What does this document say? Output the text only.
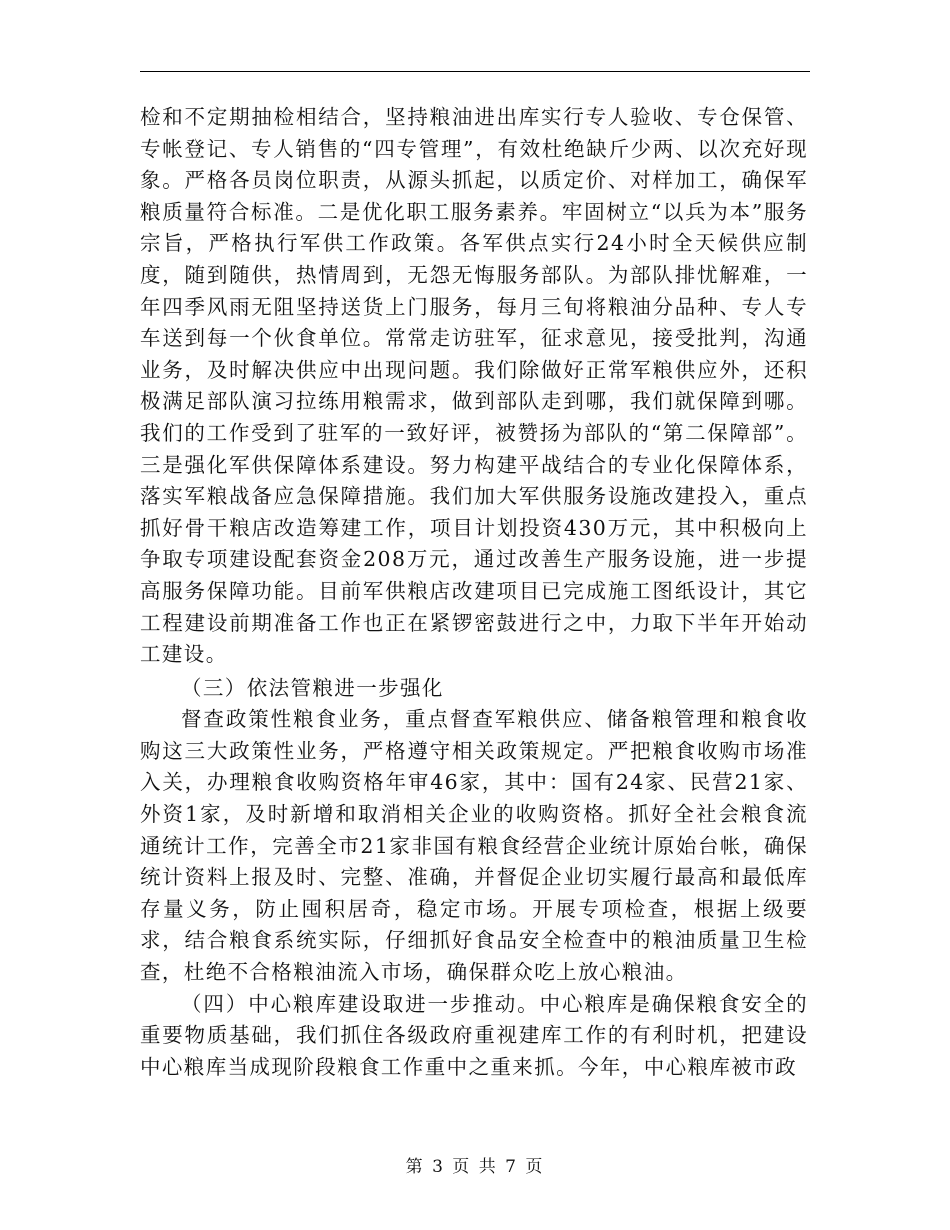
检和不定期抽检相结合，坚持粮油进出库实行专人验收、专仓保管、专帐登记、专人销售的“四专管理”，有效杜绝缺斤少两、以次充好现象。严格各员岗位职责，从源头抓起，以质定价、对样加工，确保军粮质量符合标准。二是优化职工服务素养。牢固树立“以兵为本”服务宗旨，严格执行军供工作政策。各军供点实行24小时全天候供应制度，随到随供，热情周到，无怨无悔服务部队。为部队排忧解难，一年四季风雨无阻坚持送货上门服务，每月三旬将粮油分品种、专人专车送到每一个伙食单位。常常走访驻军，征求意见，接受批判，沟通业务，及时解决供应中出现问题。我们除做好正常军粮供应外，还积极满足部队演习拉练用粮需求，做到部队走到哪，我们就保障到哪。我们的工作受到了驻军的一致好评，被赞扬为部队的“第二保障部”。三是强化军供保障体系建设。努力构建平战结合的专业化保障体系，落实军粮战备应急保障措施。我们加大军供服务设施改建投入，重点抓好骨干粮店改造筹建工作，项目计划投资430万元，其中积极向上争取专项建设配套资金208万元，通过改善生产服务设施，进一步提高服务保障功能。目前军供粮店改建项目已完成施工图纸设计，其它工程建设前期准备工作也正在紧锣密鼓进行之中，力取下半年开始动工建设。

（三）依法管粮进一步强化

督查政策性粮食业务，重点督查军粮供应、储备粮管理和粮食收购这三大政策性业务，严格遵守相关政策规定。严把粮食收购市场准入关，办理粮食收购资格年审46家，其中：国有24家、民营21家、外资1家，及时新增和取消相关企业的收购资格。抓好全社会粮食流通统计工作，完善全市21家非国有粮食经营企业统计原始台帐，确保统计资料上报及时、完整、准确，并督促企业切实履行最高和最低库存量义务，防止囤积居奇，稳定市场。开展专项检查，根据上级要求，结合粮食系统实际，仔细抓好食品安全检查中的粮油质量卫生检查，杜绝不合格粮油流入市场，确保群众吃上放心粮油。

（四）中心粮库建设取进一步推动。中心粮库是确保粮食安全的重要物质基础，我们抓住各级政府重视建库工作的有利时机，把建设中心粮库当成现阶段粮食工作重中之重来抓。今年，中心粮库被市政

第 3 页 共 7 页
